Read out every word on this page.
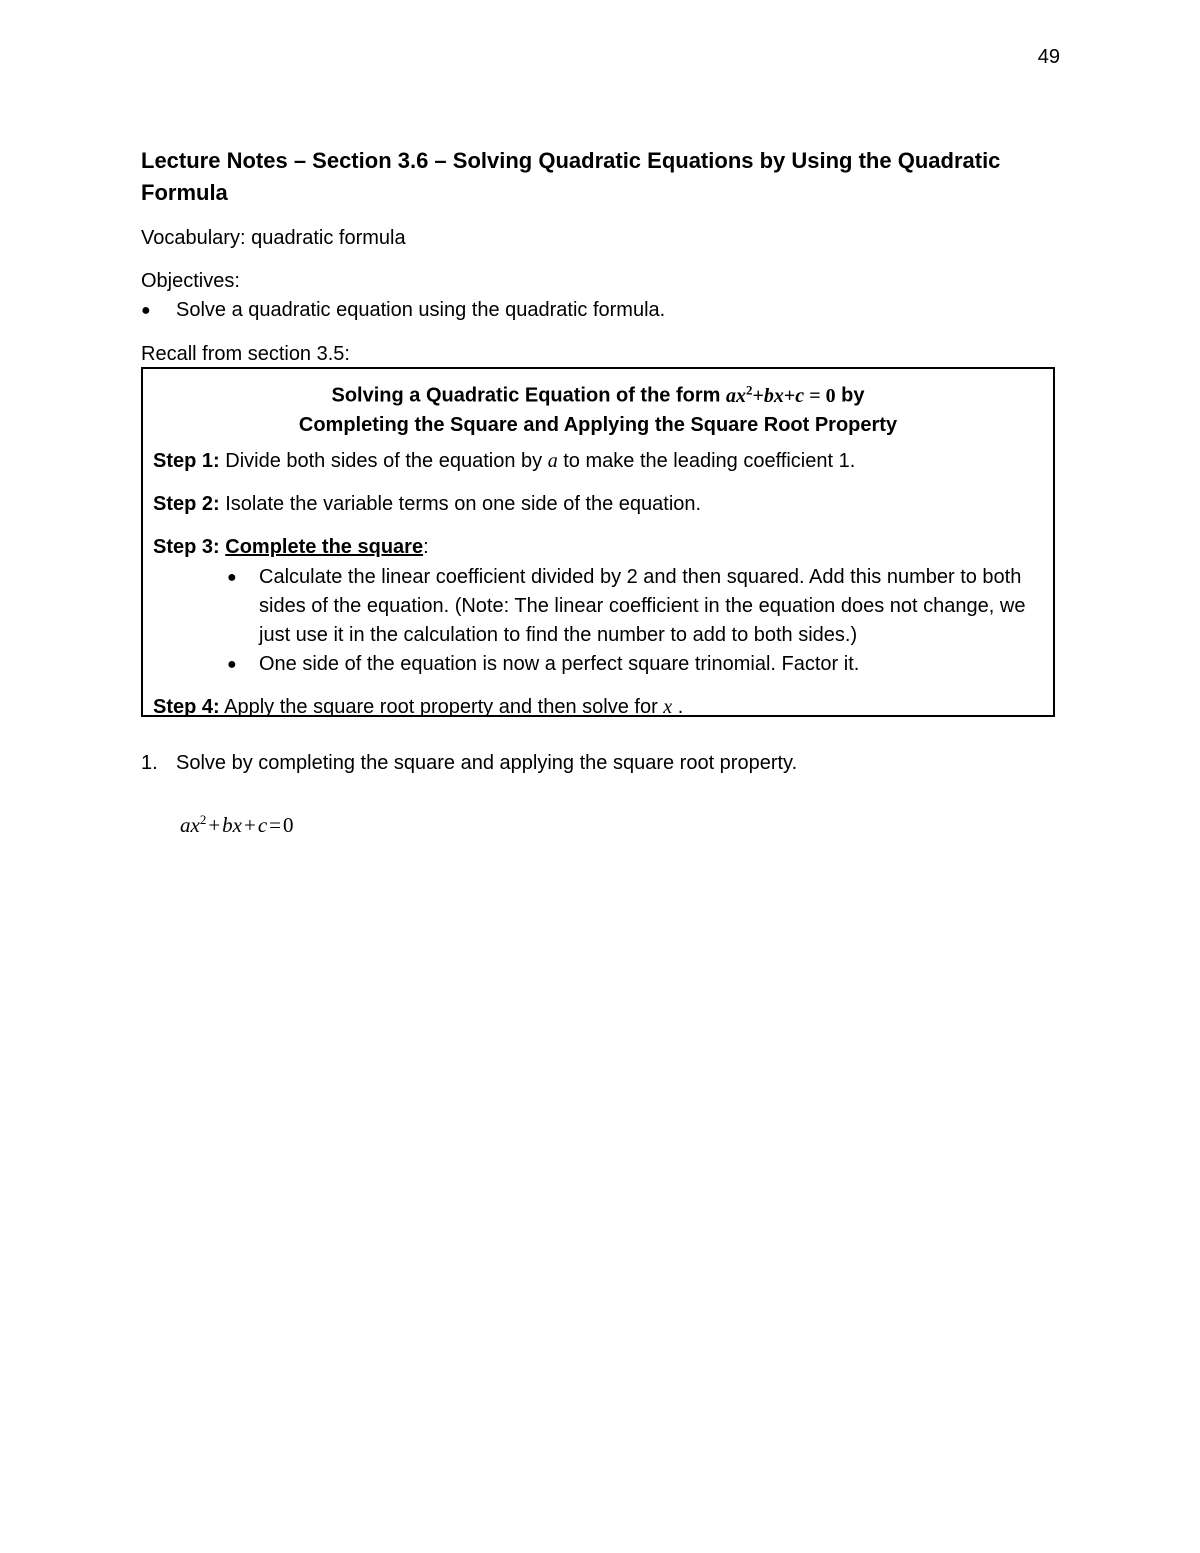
49
Lecture Notes – Section 3.6 – Solving Quadratic Equations by Using the Quadratic Formula
Vocabulary: quadratic formula
Objectives:
● Solve a quadratic equation using the quadratic formula.
Recall from section 3.5:
Solving a Quadratic Equation of the form $ax^2+bx+c = 0$ by
Completing the Square and Applying the Square Root Property
Step 1: Divide both sides of the equation by a to make the leading coefficient 1.
Step 2: Isolate the variable terms on one side of the equation.
Step 3: Complete the square:
● Calculate the linear coefficient divided by 2 and then squared. Add this number to both sides of the equation. (Note: The linear coefficient in the equation does not change, we just use it in the calculation to find the number to add to both sides.)
● One side of the equation is now a perfect square trinomial. Factor it.
Step 4: Apply the square root property and then solve for x .
1. Solve by completing the square and applying the square root property.
$ax^2+bx+c=0$
